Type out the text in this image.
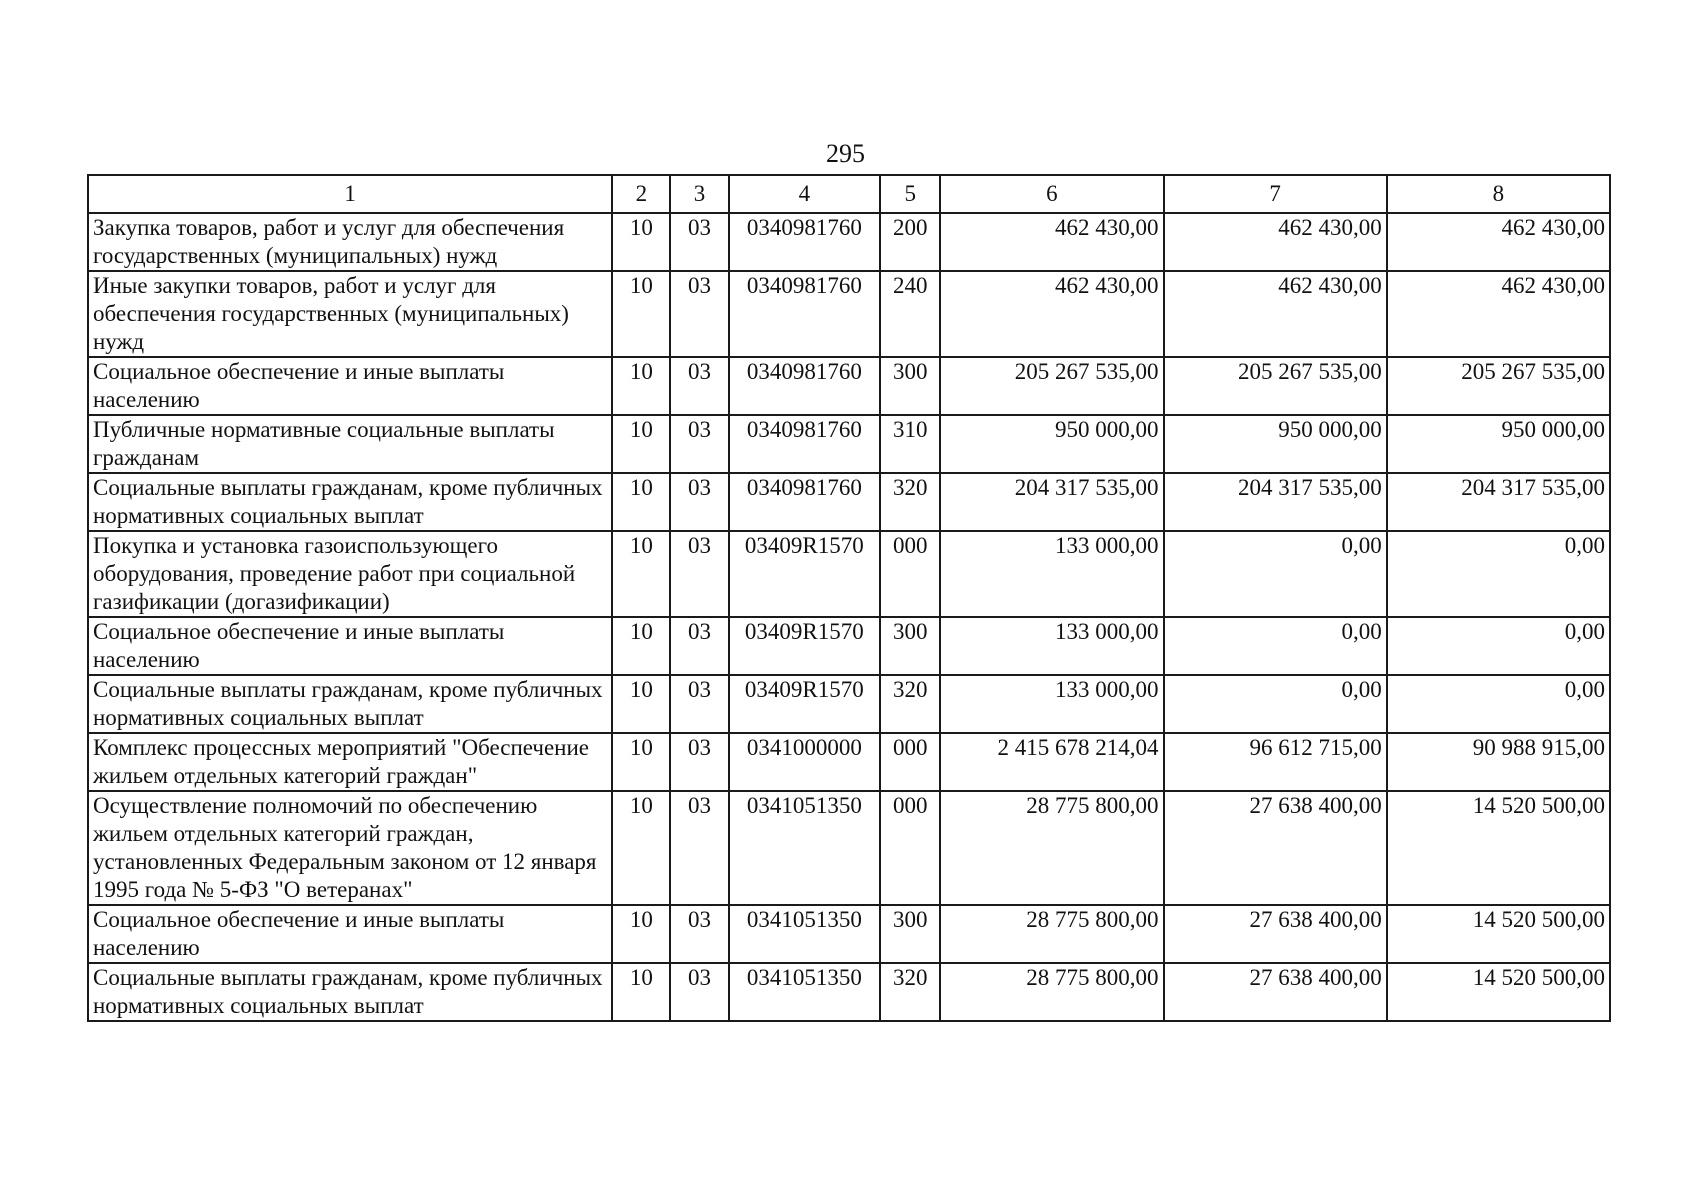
295
1	2	3	4	5	6	7	8
Закупка товаров, работ и услуг для обеспечения государственных (муниципальных) нужд	10	03	0340981760	200	462 430,00	462 430,00	462 430,00
Иные закупки товаров, работ и услуг для обеспечения государственных (муниципальных) нужд	10	03	0340981760	240	462 430,00	462 430,00	462 430,00
Социальное обеспечение и иные выплаты населению	10	03	0340981760	300	205 267 535,00	205 267 535,00	205 267 535,00
Публичные нормативные социальные выплаты гражданам	10	03	0340981760	310	950 000,00	950 000,00	950 000,00
Социальные выплаты гражданам, кроме публичных нормативных социальных выплат	10	03	0340981760	320	204 317 535,00	204 317 535,00	204 317 535,00
Покупка и установка газоиспользующего оборудования, проведение работ при социальной газификации (догазификации)	10	03	03409R1570	000	133 000,00	0,00	0,00
Социальное обеспечение и иные выплаты населению	10	03	03409R1570	300	133 000,00	0,00	0,00
Социальные выплаты гражданам, кроме публичных нормативных социальных выплат	10	03	03409R1570	320	133 000,00	0,00	0,00
Комплекс процессных мероприятий "Обеспечение жильем отдельных категорий граждан"	10	03	0341000000	000	2 415 678 214,04	96 612 715,00	90 988 915,00
Осуществление полномочий по обеспечению жильем отдельных категорий граждан, установленных Федеральным законом от 12 января 1995 года № 5-ФЗ "О ветеранах"	10	03	0341051350	000	28 775 800,00	27 638 400,00	14 520 500,00
Социальное обеспечение и иные выплаты населению	10	03	0341051350	300	28 775 800,00	27 638 400,00	14 520 500,00
Социальные выплаты гражданам, кроме публичных нормативных социальных выплат	10	03	0341051350	320	28 775 800,00	27 638 400,00	14 520 500,00
